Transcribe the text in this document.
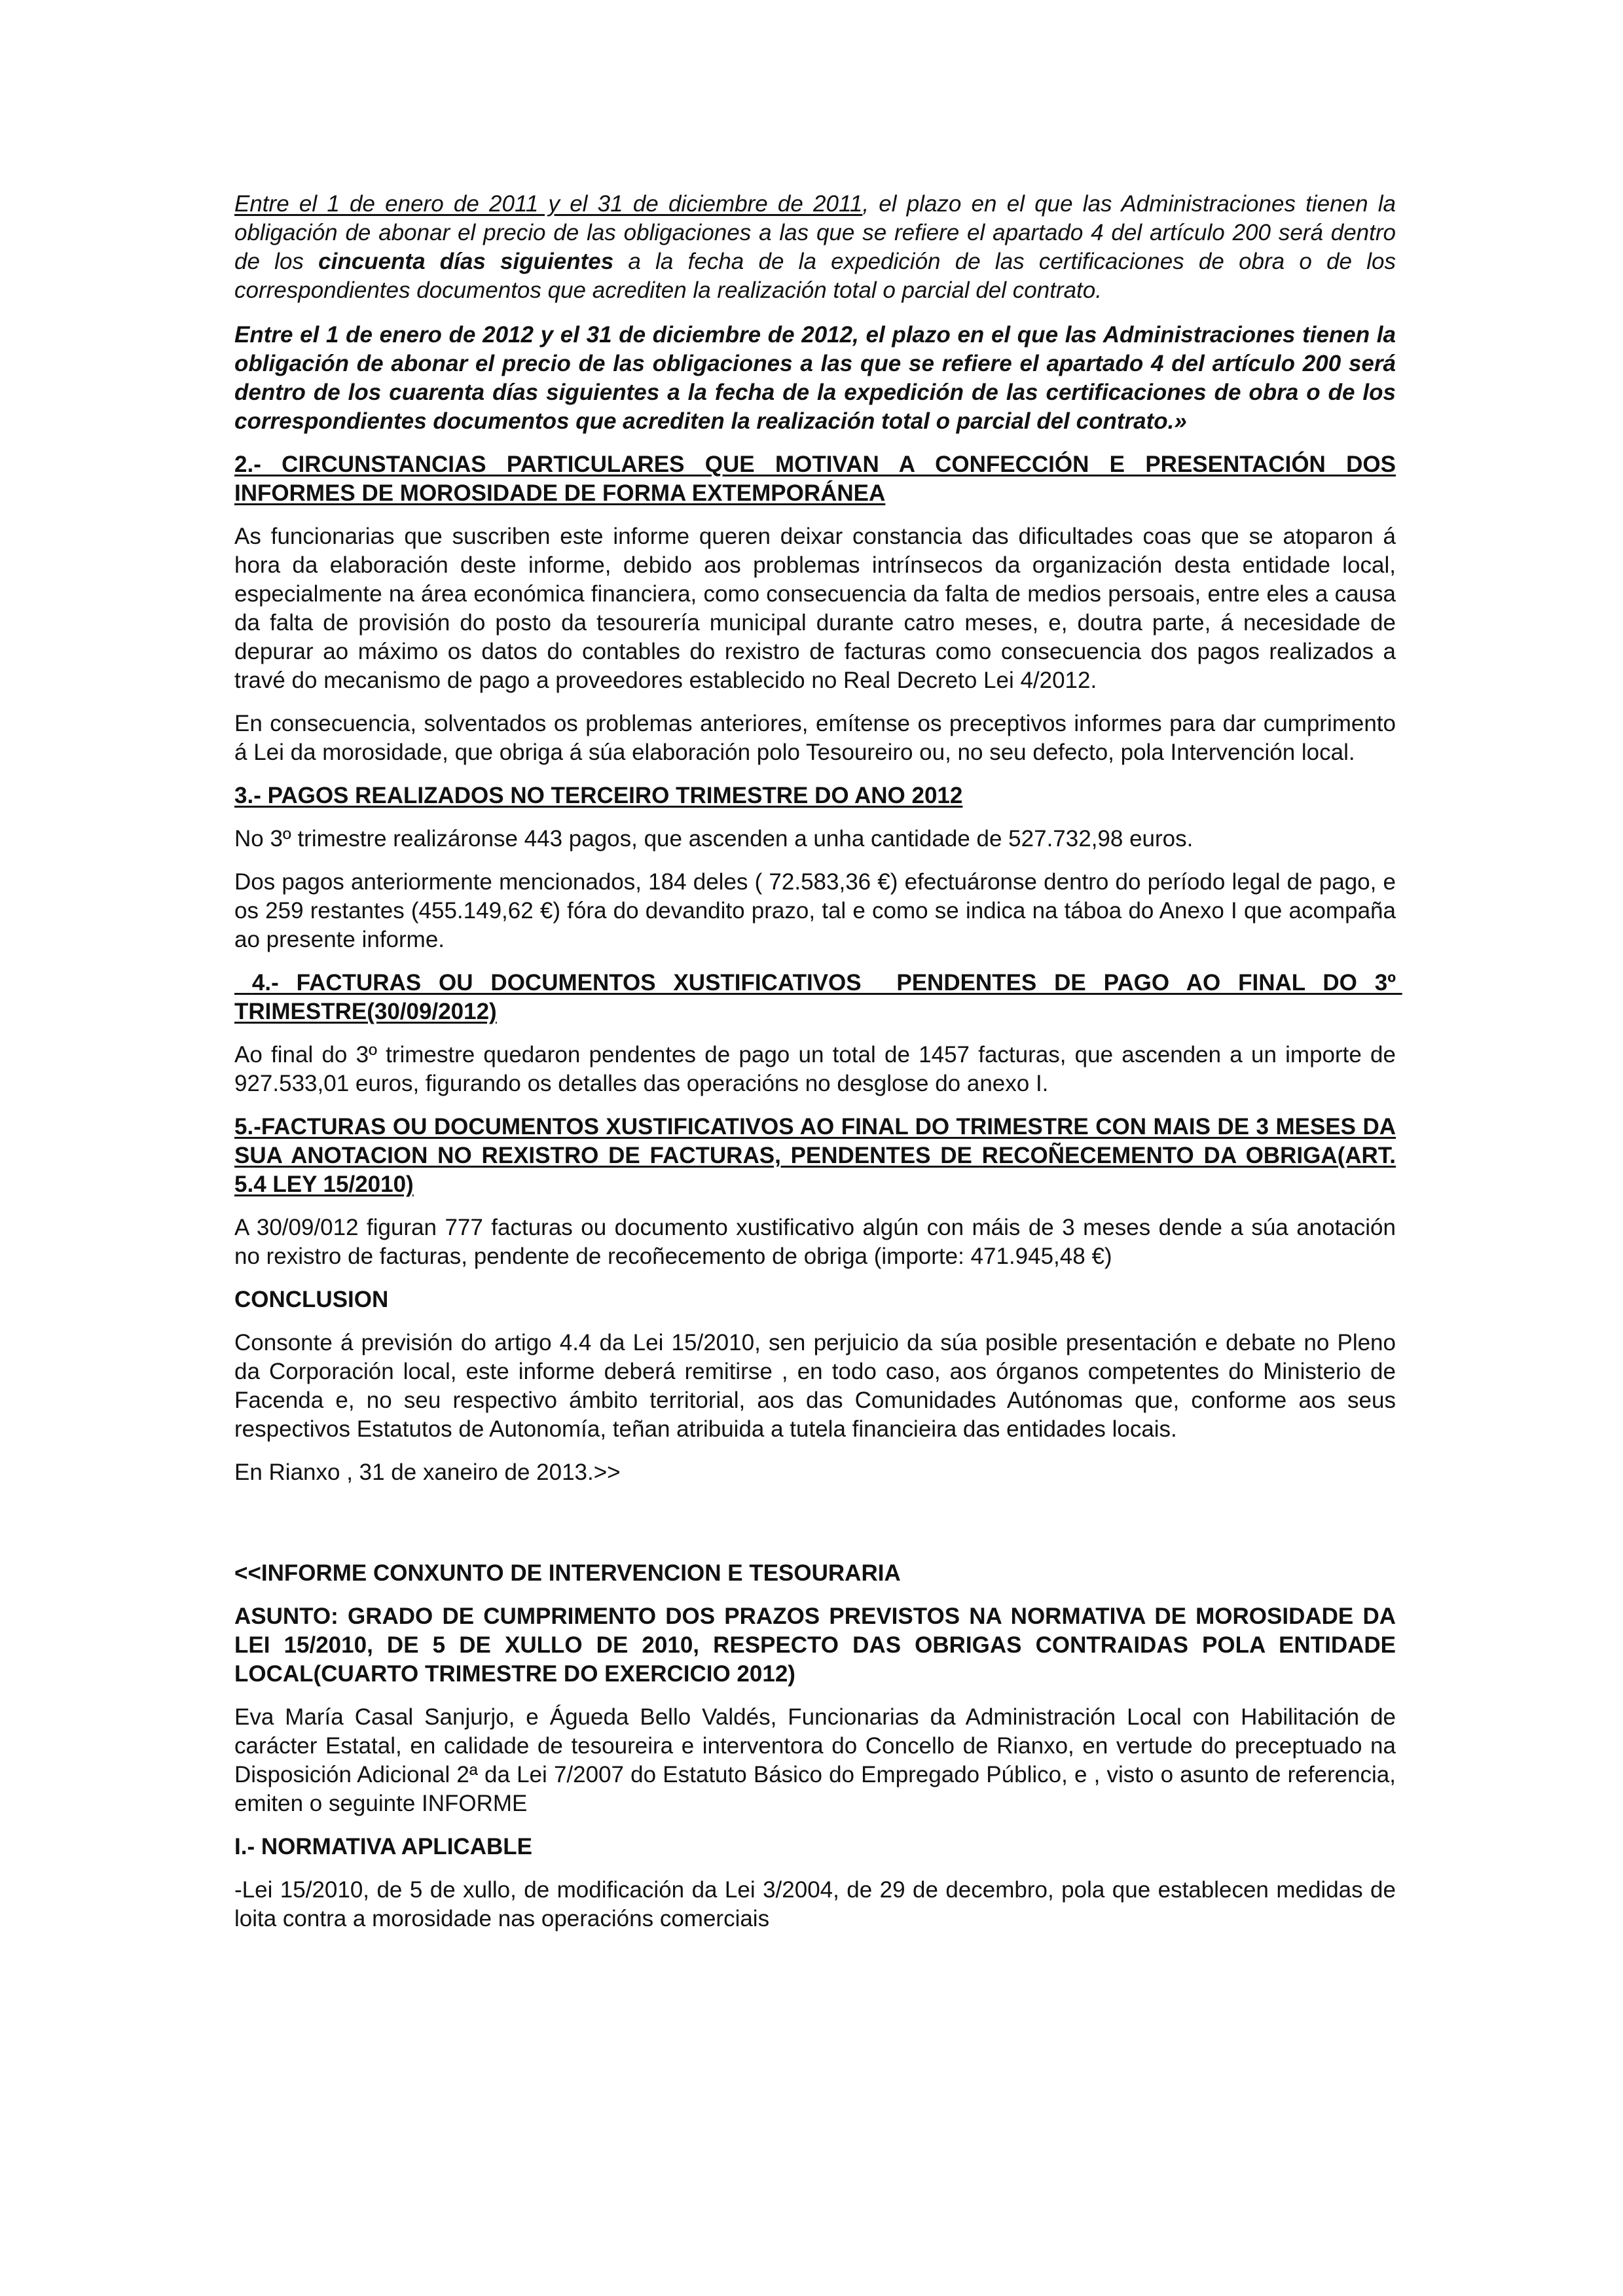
Entre el 1 de enero de 2011 y el 31 de diciembre de 2011, el plazo en el que las Administraciones tienen la obligación de abonar el precio de las obligaciones a las que se refiere el apartado 4 del artículo 200 será dentro de los cincuenta días siguientes a la fecha de la expedición de las certificaciones de obra o de los correspondientes documentos que acrediten la realización total o parcial del contrato.

Entre el 1 de enero de 2012 y el 31 de diciembre de 2012, el plazo en el que las Administraciones tienen la obligación de abonar el precio de las obligaciones a las que se refiere el apartado 4 del artículo 200 será dentro de los cuarenta días siguientes a la fecha de la expedición de las certificaciones de obra o de los correspondientes documentos que acrediten la realización total o parcial del contrato.»

2.- CIRCUNSTANCIAS PARTICULARES QUE MOTIVAN A CONFECCIÓN E PRESENTACIÓN DOS INFORMES DE MOROSIDADE DE FORMA EXTEMPORÁNEA

As funcionarias que suscriben este informe queren deixar constancia das dificultades coas que se atoparon á hora da elaboración deste informe, debido aos problemas intrínsecos da organización desta entidade local, especialmente na área económica financiera, como consecuencia da falta de medios persoais, entre eles a causa da falta de provisión do posto da tesourería municipal durante catro meses, e, doutra parte, á necesidade de depurar ao máximo os datos do contables do rexistro de facturas como consecuencia dos pagos realizados a travé do mecanismo de pago a proveedores establecido no Real Decreto Lei 4/2012.

En consecuencia, solventados os problemas anteriores, emítense os preceptivos informes para dar cumprimento á Lei da morosidade, que obriga á súa elaboración polo Tesoureiro ou, no seu defecto, pola Intervención local.

3.- PAGOS REALIZADOS NO TERCEIRO TRIMESTRE DO ANO 2012

No 3º trimestre realizáronse 443 pagos, que ascenden a unha cantidade de 527.732,98 euros.

Dos pagos anteriormente mencionados, 184 deles ( 72.583,36 €) efectuáronse dentro do período legal de pago, e os 259 restantes (455.149,62 €) fóra do devandito prazo, tal e como se indica na táboa do Anexo I que acompaña ao presente informe.

4.- FACTURAS OU DOCUMENTOS XUSTIFICATIVOS  PENDENTES DE PAGO AO FINAL DO 3º TRIMESTRE(30/09/2012)

Ao final do 3º trimestre quedaron pendentes de pago un total de 1457 facturas, que ascenden a un importe de 927.533,01 euros, figurando os detalles das operacións no desglose do anexo I.

5.-FACTURAS OU DOCUMENTOS XUSTIFICATIVOS AO FINAL DO TRIMESTRE CON MAIS DE 3 MESES DA SUA ANOTACION NO REXISTRO DE FACTURAS, PENDENTES DE RECOÑECEMENTO DA OBRIGA(ART. 5.4 LEY 15/2010)

A 30/09/012 figuran 777 facturas ou documento xustificativo algún con máis de 3 meses dende a súa anotación no rexistro de facturas, pendente de recoñecemento de obriga (importe: 471.945,48 €)

CONCLUSION

Consonte á previsión do artigo 4.4 da Lei 15/2010, sen perjuicio da súa posible presentación e debate no Pleno da Corporación local, este informe deberá remitirse , en todo caso, aos órganos competentes do Ministerio de Facenda e, no seu respectivo ámbito territorial, aos das Comunidades Autónomas que, conforme aos seus respectivos Estatutos de Autonomía, teñan atribuida a tutela financieira das entidades locais.

En Rianxo , 31 de xaneiro de 2013.>>

<<INFORME CONXUNTO DE INTERVENCION E TESOURARIA

ASUNTO: GRADO DE CUMPRIMENTO DOS PRAZOS PREVISTOS NA NORMATIVA DE MOROSIDADE DA LEI 15/2010, DE 5 DE XULLO DE 2010, RESPECTO DAS OBRIGAS CONTRAIDAS POLA ENTIDADE LOCAL(CUARTO TRIMESTRE DO EXERCICIO 2012)

Eva María Casal Sanjurjo, e Águeda Bello Valdés, Funcionarias da Administración Local con Habilitación de carácter Estatal, en calidade de tesoureira e interventora do Concello de Rianxo, en vertude do preceptuado na Disposición Adicional 2ª da Lei 7/2007 do Estatuto Básico do Empregado Público, e , visto o asunto de referencia, emiten o seguinte INFORME

I.- NORMATIVA APLICABLE

-Lei 15/2010, de 5 de xullo, de modificación da Lei 3/2004, de 29 de decembro, pola que establecen medidas de loita contra a morosidade nas operacións comerciais
